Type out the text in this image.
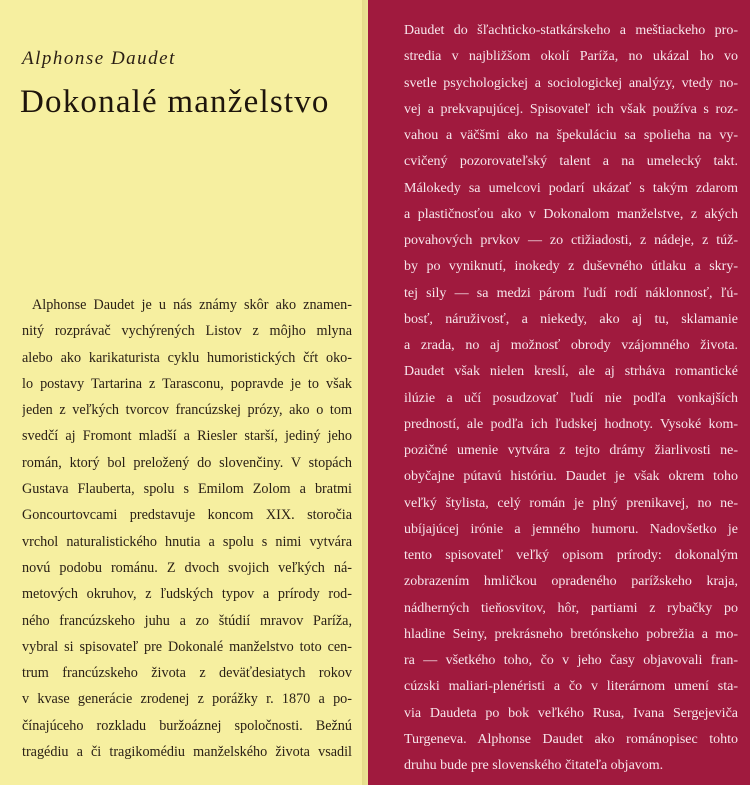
Alphonse Daudet
Dokonalé manželstvo
Alphonse Daudet je u nás známy skôr ako znamen-
nitý rozprávač vychýrených Listov z môjho mlyna
alebo ako karikaturista cyklu humoristických čŕt oko-
lo postavy Tartarina z Tarasconu, popravde je to však
jeden z veľkých tvorcov francúzskej prózy, ako o tom
svedčí aj Fromont mladší a Riesler starší, jediný jeho
román, ktorý bol preložený do slovenčiny. V stopách
Gustava Flauberta, spolu s Emilom Zolom a bratmi
Goncourtovcami predstavuje koncom XIX. storočia
vrchol naturalistického hnutia a spolu s nimi vytvára
novú podobu románu. Z dvoch svojich veľkých ná-
metových okruhov, z ľudských typov a prírody rod-
ného francúzskeho juhu a zo štúdií mravov Paríža,
vybral si spisovateľ pre Dokonalé manželstvo toto cen-
trum francúzskeho života z deväťdesiatych rokov
v kvase generácie zrodenej z porážky r. 1870 a po-
čínajúceho rozkladu buržoáznej spoločnosti. Bežnú
tragédiu a či tragikomédiu manželského života vsadil
Daudet do šľachticko-statkárskeho a meštiackeho pro-
stredia v najbližšom okolí Paríža, no ukázal ho vo
svetle psychologickej a sociologickej analýzy, vtedy no-
vej a prekvapujúcej. Spisovateľ ich však používa s roz-
vahou a väčšmi ako na špekuláciu sa spolieha na vy-
cvičený pozorovateľský talent a na umelecký takt.
Málokedy sa umelcovi podarí ukázať s takým zdarom
a plastičnosťou ako v Dokonalom manželstve, z akých
povahových prvkov — zo ctižiadosti, z nádeje, z túž-
by po vyniknutí, inokedy z duševného útlaku a skry-
tej sily — sa medzi párom ľudí rodí náklonnosť, ľú-
bosť, náruživosť, a niekedy, ako aj tu, sklamanie
a zrada, no aj možnosť obrody vzájomného života.
Daudet však nielen kreslí, ale aj strháva romantické
ilúzie a učí posudzovať ľudí nie podľa vonkajších
predností, ale podľa ich ľudskej hodnoty. Vysoké kom-
pozičné umenie vytvára z tejto drámy žiarlivosti ne-
obyčajne pútavú históriu. Daudet je však okrem toho
veľký štylista, celý román je plný prenikavej, no ne-
ubíjajúcej irónie a jemného humoru. Nadovšetko je
tento spisovateľ veľký opisom prírody: dokonalým
zobrazením hmličkou opradeného parížskeho kraja,
nádherných tieňosvitov, hôr, partiami z rybačky po
hladine Seiny, prekrásneho bretónskeho pobrežia a mo-
ra — všetkého toho, čo v jeho časy objavovali fran-
cúzski maliari-plenéristi a čo v literárnom umení sta-
via Daudeta po bok veľkého Rusa, Ivana Sergejeviča
Turgeneva. Alphonse Daudet ako románopisec tohto
druhu bude pre slovenského čitateľa objavom.
